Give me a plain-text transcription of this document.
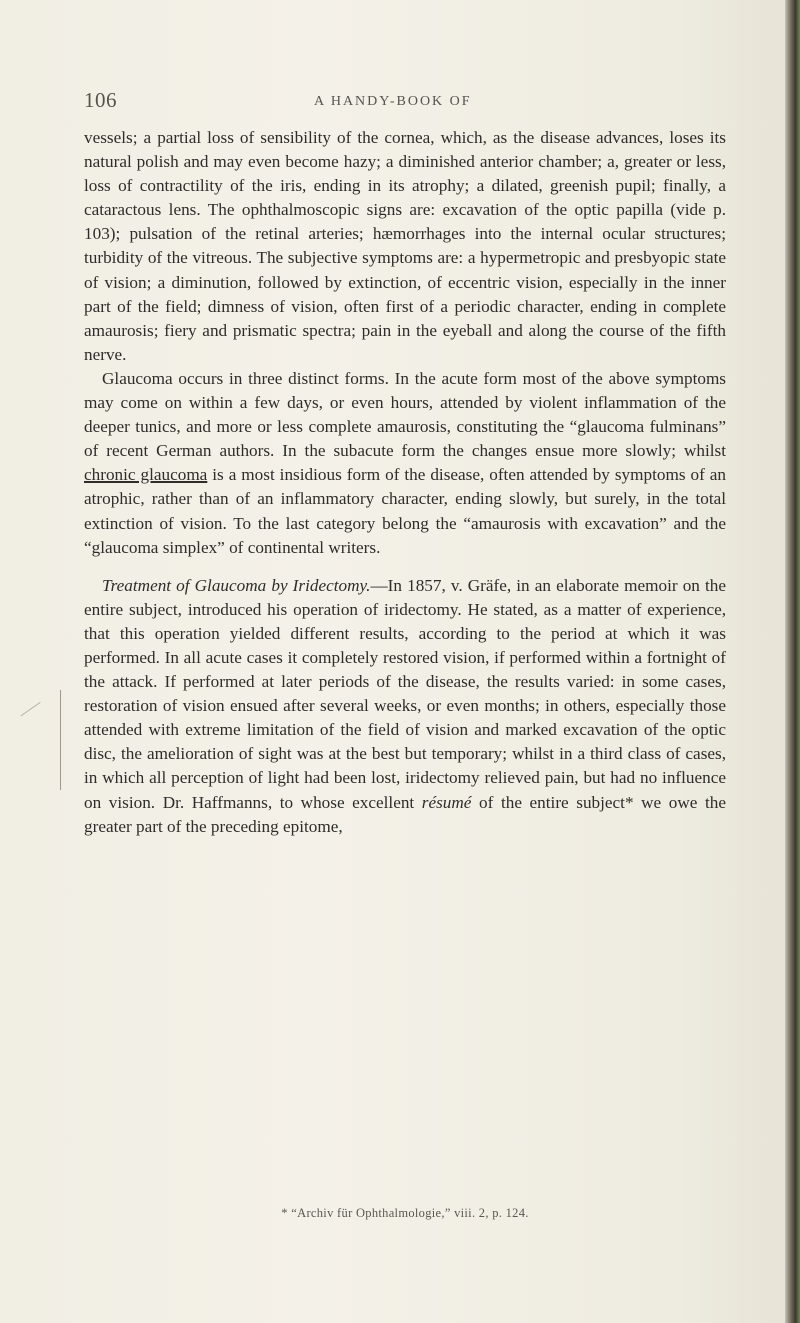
106	A HANDY-BOOK OF

vessels; a partial loss of sensibility of the cornea, which, as the disease advances, loses its natural polish and may even become hazy; a diminished anterior chamber; a, greater or less, loss of contractility of the iris, ending in its atrophy; a dilated, greenish pupil; finally, a cataractous lens. The ophthalmoscopic signs are: excavation of the optic papilla (vide p. 103); pulsation of the retinal arteries; hæmorrhages into the internal ocular structures; turbidity of the vitreous. The subjective symptoms are: a hypermetropic and presbyopic state of vision; a diminution, followed by extinction, of eccentric vision, especially in the inner part of the field; dimness of vision, often first of a periodic character, ending in complete amaurosis; fiery and prismatic spectra; pain in the eyeball and along the course of the fifth nerve.

Glaucoma occurs in three distinct forms. In the acute form most of the above symptoms may come on within a few days, or even hours, attended by violent inflammation of the deeper tunics, and more or less complete amaurosis, constituting the “glaucoma fulminans” of recent German authors. In the subacute form the changes ensue more slowly; whilst chronic glaucoma is a most insidious form of the disease, often attended by symptoms of an atrophic, rather than of an inflammatory character, ending slowly, but surely, in the total extinction of vision. To the last category belong the “amaurosis with excavation” and the “glaucoma simplex” of continental writers.

Treatment of Glaucoma by Iridectomy.—In 1857, v. Gräfe, in an elaborate memoir on the entire subject, introduced his operation of iridectomy. He stated, as a matter of experience, that this operation yielded different results, according to the period at which it was performed. In all acute cases it completely restored vision, if performed within a fortnight of the attack. If performed at later periods of the disease, the results varied: in some cases, restoration of vision ensued after several weeks, or even months; in others, especially those attended with extreme limitation of the field of vision and marked excavation of the optic disc, the amelioration of sight was at the best but temporary; whilst in a third class of cases, in which all perception of light had been lost, iridectomy relieved pain, but had no influence on vision. Dr. Haffmanns, to whose excellent résumé of the entire subject* we owe the greater part of the preceding epitome,

* “Archiv für Ophthalmologie,” viii. 2, p. 124.
